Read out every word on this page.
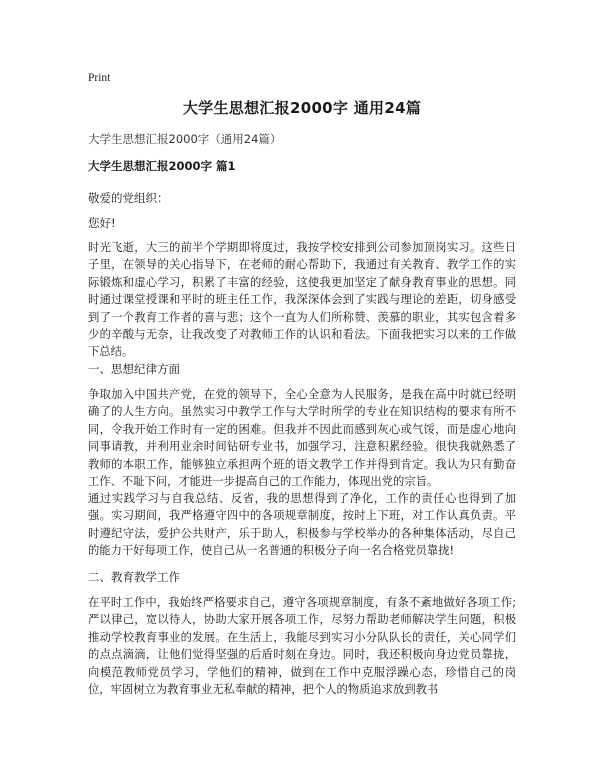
Print
大学生思想汇报2000字 通用24篇
大学生思想汇报2000字（通用24篇）
大学生思想汇报2000字 篇1
敬爱的党组织：
您好!

时光飞逝，大三的前半个学期即将度过，我按学校安排到公司参加顶岗实习。这些日子里，在领导的关心指导下，在老师的耐心帮助下，我通过有关教育、教学工作的实际锻炼和虚心学习，积累了丰富的经验，这使我更加坚定了献身教育事业的思想。同时通过课堂授课和平时的班主任工作，我深深体会到了实践与理论的差距，切身感受到了一个教育工作者的喜与悲；这个一直为人们所称赞、羡慕的职业，其实包含着多少的辛酸与无奈，让我改变了对教师工作的认识和看法。下面我把实习以来的工作做下总结。

一、思想纪律方面

争取加入中国共产党，在党的领导下，全心全意为人民服务，是我在高中时就已经明确了的人生方向。虽然实习中教学工作与大学时所学的专业在知识结构的要求有所不同，令我开始工作时有一定的困难。但我并不因此而感到灰心或气馁，而是虚心地向同事请教，并利用业余时间钻研专业书，加强学习，注意积累经验。很快我就熟悉了教师的本职工作，能够独立承担两个班的语文教学工作并得到肯定。我认为只有勤奋工作、不耻下问，才能进一步提高自己的工作能力，体现出党的宗旨。

通过实践学习与自我总结、反省，我的思想得到了净化，工作的责任心也得到了加强。实习期间，我严格遵守四中的各项规章制度，按时上下班，对工作认真负责。平时遵纪守法，爱护公共财产，乐于助人，积极参与学校举办的各种集体活动，尽自己的能力干好每项工作，使自己从一名普通的积极分子向一名合格党员靠拢!

二、教育教学工作

在平时工作中，我始终严格要求自己，遵守各项规章制度，有条不紊地做好各项工作;严以律己，宽以待人，协助大家开展各项工作，尽努力帮助老师解决学生问题，积极推动学校教育事业的发展。在生活上，我能尽到实习小分队队长的责任，关心同学们的点点滴滴，让他们觉得坚强的后盾时刻在身边。同时，我还积极向身边党员靠拢，向模范教师党员学习，学他们的精神，做到在工作中克服浮躁心态，珍惜自己的岗位，牢固树立为教育事业无私奉献的精神，把个人的物质追求放到教书
